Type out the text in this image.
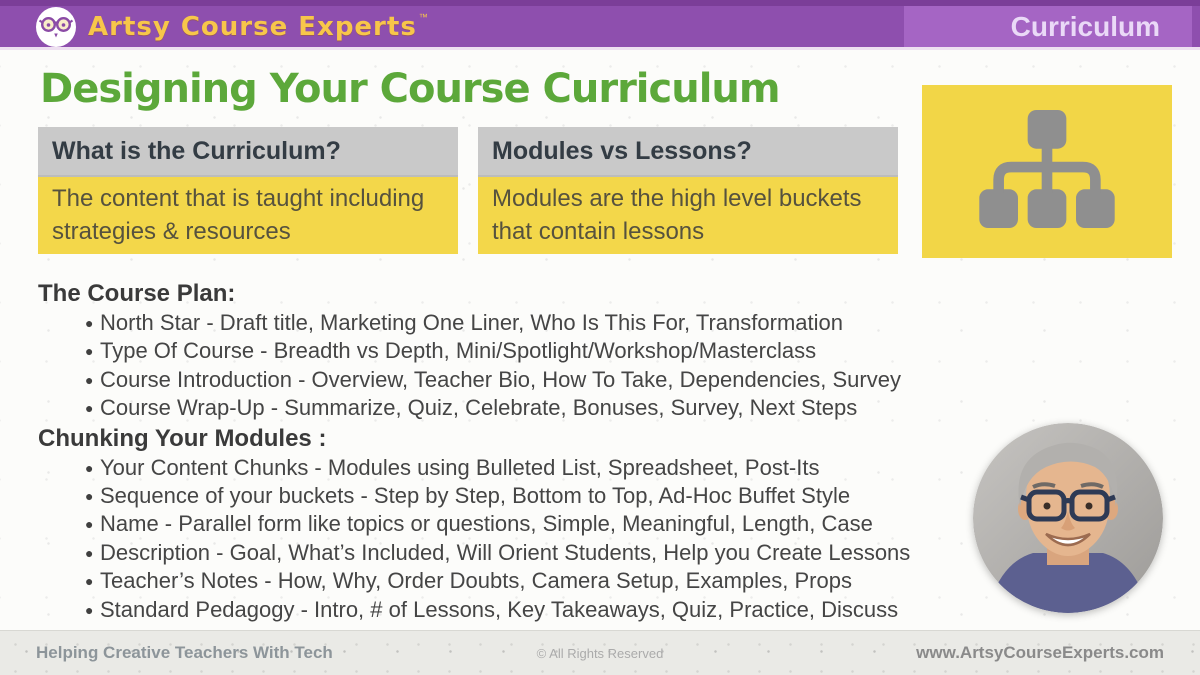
Artsy Course Experts ™	Curriculum
Designing Your Course Curriculum
What is the Curriculum?
The content that is taught including strategies & resources
Modules vs Lessons?
Modules are the high level buckets that contain lessons
The Course Plan:
● North Star - Draft title, Marketing One Liner, Who Is This For, Transformation
● Type Of Course - Breadth vs Depth, Mini/Spotlight/Workshop/Masterclass
● Course Introduction - Overview, Teacher Bio, How To Take, Dependencies, Survey
● Course Wrap-Up - Summarize, Quiz, Celebrate, Bonuses, Survey, Next Steps
Chunking Your Modules :
● Your Content Chunks - Modules using Bulleted List, Spreadsheet, Post-Its
● Sequence of your buckets - Step by Step, Bottom to Top, Ad-Hoc Buffet Style
● Name - Parallel form like topics or questions, Simple, Meaningful, Length, Case
● Description - Goal, What’s Included, Will Orient Students, Help you Create Lessons
● Teacher’s Notes - How, Why, Order Doubts, Camera Setup, Examples, Props
● Standard Pedagogy - Intro, # of Lessons, Key Takeaways, Quiz, Practice, Discuss
Helping Creative Teachers With Tech	© All Rights Reserved	www.ArtsyCourseExperts.com
